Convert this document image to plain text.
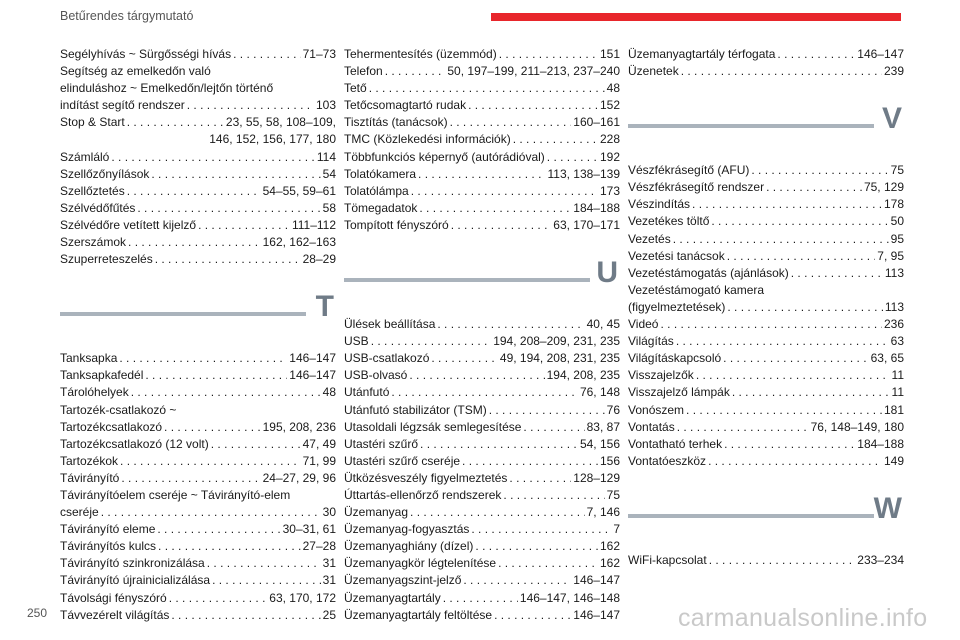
Betűrendes tárgymutató
Segélyhívás ~ Sürgősségi hívás . . .	71–73
Segítség az emelkedőn való
elinduláshoz ~ Emelkedőn/lejtőn történő
indítást segítő rendszer . . .	103
Stop & Start . . .	23, 55, 58, 108–109,
146, 152, 156, 177, 180
Számláló . . .	114
Szellőzőnyílások . . .	54
Szellőztetés . . .	54–55, 59–61
Szélvédőfűtés . . .	58
Szélvédőre vetített kijelző . . .	111–112
Szerszámok . . .	162, 162–163
Szuperreteszelés . . .	28–29
T
Tanksapka . . .	146–147
Tanksapkafedél . . .	146–147
Tárolóhelyek . . .	48
Tartozék-csatlakozó ~
Tartozékcsatlakozó . . .	195, 208, 236
Tartozékcsatlakozó (12 volt) . . .	47, 49
Tartozékok . . .	71, 99
Távirányító . . .	24–27, 29, 96
Távirányítóelem cseréje ~ Távirányító-elem
cseréje . . .	30
Távirányító eleme . . .	30–31, 61
Távirányítós kulcs . . .	27–28
Távirányító szinkronizálása . . .	31
Távirányító újrainicializálása . . .	31
Távolsági fényszóró . . .	63, 170, 172
Távvezérelt világítás . . .	25
Tehermentesítés (üzemmód) . . .	151
Telefon . . .	50, 197–199, 211–213, 237–240
Tető . . .	48
Tetőcsomagtartó rudak . . .	152
Tisztítás (tanácsok) . . .	160–161
TMC (Közlekedési információk) . . .	228
Többfunkciós képernyő (autórádióval) . . .	192
Tolatókamera . . .	113, 138–139
Tolatólámpa . . .	173
Tömegadatok . . .	184–188
Tompított fényszóró . . .	63, 170–171
U
Ülések beállítása . . .	40, 45
USB . . .	194, 208–209, 231, 235
USB-csatlakozó . . .	49, 194, 208, 231, 235
USB-olvasó . . .	194, 208, 235
Utánfutó . . .	76, 148
Utánfutó stabilizátor (TSM) . . .	76
Utasoldali légzsák semlegesítése . . .	83, 87
Utastéri szűrő . . .	54, 156
Utastéri szűrő cseréje . . .	156
Ütközésveszély figyelmeztetés . . .	128–129
Úttartás-ellenőrző rendszerek . . .	75
Üzemanyag . . .	7, 146
Üzemanyag-fogyasztás . . .	7
Üzemanyaghiány (dízel) . . .	162
Üzemanyagkör légtelenítése . . .	162
Üzemanyagszint-jelző . . .	146–147
Üzemanyagtartály . . .	146–147, 146–148
Üzemanyagtartály feltöltése . . .	146–147
Üzemanyagtartály térfogata . . .	146–147
Üzenetek . . .	239
V
Vészfékrásegítő (AFU) . . .	75
Vészfékrásegítő rendszer . . .	75, 129
Vészindítás . . .	178
Vezetékes töltő . . .	50
Vezetés . . .	95
Vezetési tanácsok . . .	7, 95
Vezetéstámogatás (ajánlások) . . .	113
Vezetéstámogató kamera
(figyelmeztetések) . . .	113
Videó . . .	236
Világítás . . .	63
Világításkapcsoló . . .	63, 65
Visszajelzők . . .	11
Visszajelző lámpák . . .	11
Vonószem . . .	181
Vontatás . . .	76, 148–149, 180
Vontatható terhek . . .	184–188
Vontatóeszköz . . .	149
W
WiFi-kapcsolat . . .	233–234
250	carmanualsonline.info
